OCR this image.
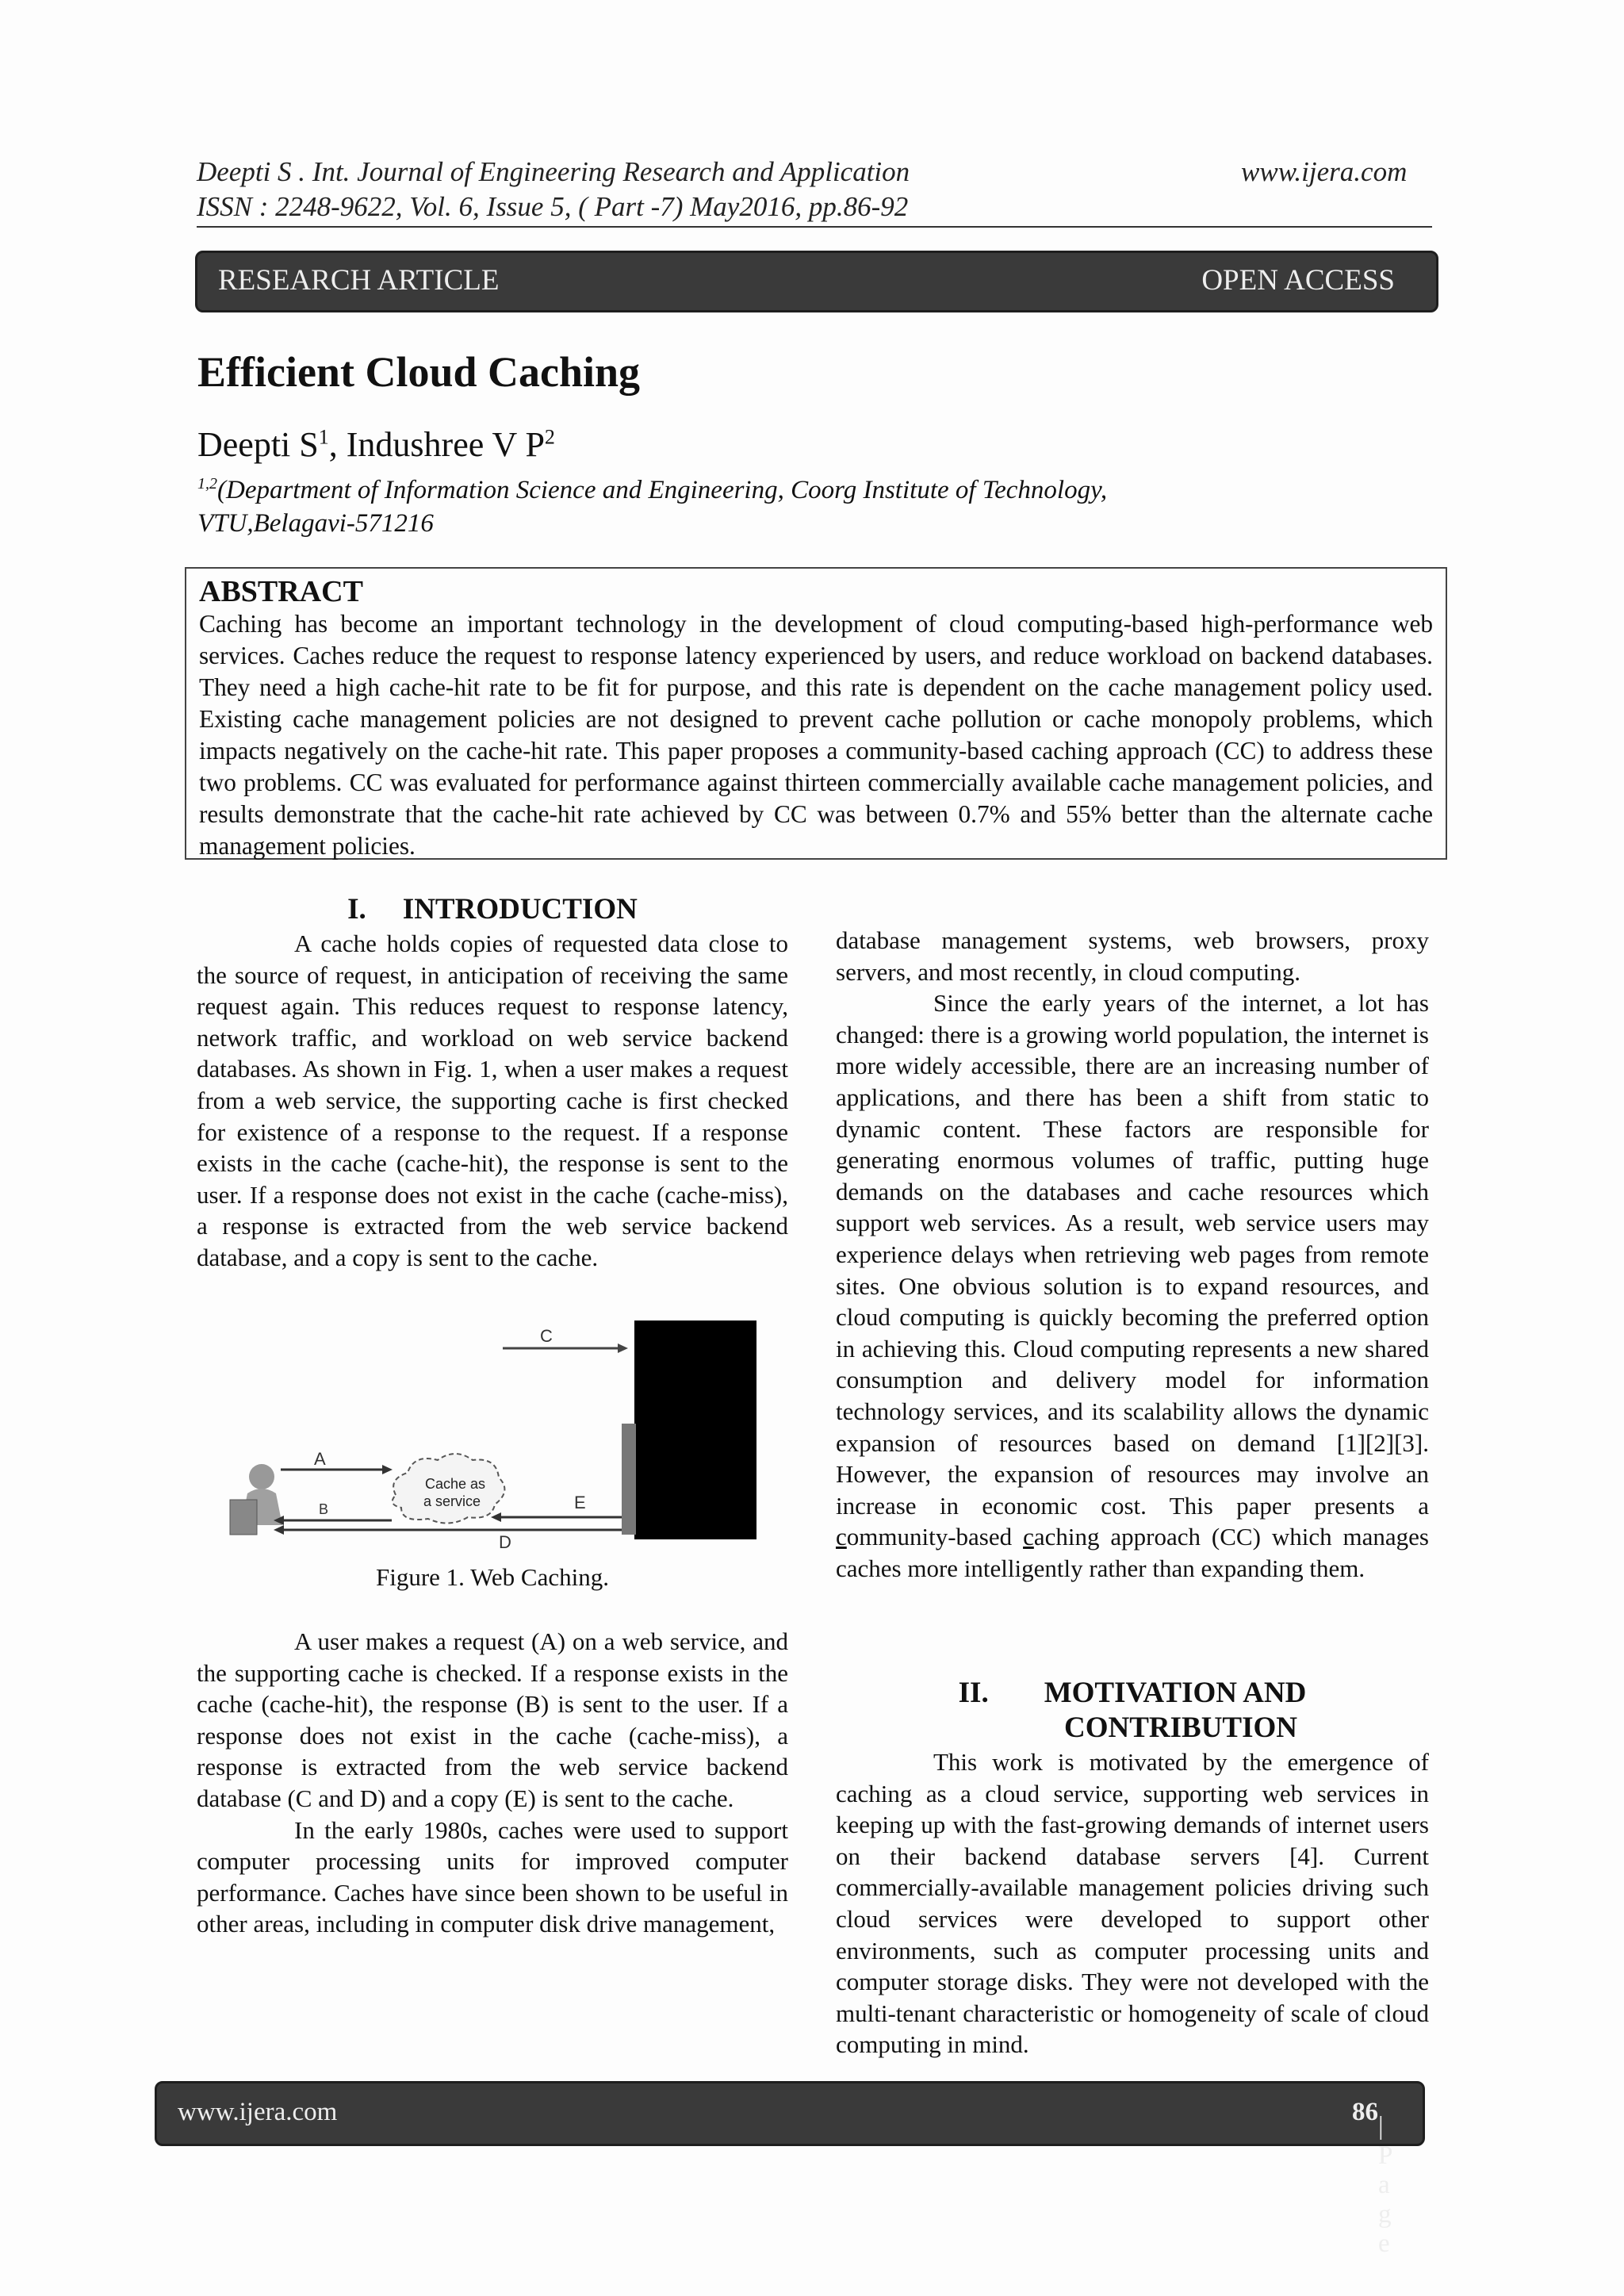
Deepti S . Int. Journal of Engineering Research and Application
ISSN : 2248-9622, Vol. 6, Issue 5, ( Part -7) May2016, pp.86-92
www.ijera.com
RESEARCH ARTICLE	OPEN ACCESS
Efficient Cloud Caching
Deepti $S^1$, Indushree V $P^2$
$^{1,2}$(Department of Information Science and Engineering, Coorg Institute of Technology,
VTU,Belagavi-571216
ABSTRACT
Caching has become an important technology in the development of cloud computing-based high-performance web services. Caches reduce the request to response latency experienced by users, and reduce workload on backend databases. They need a high cache-hit rate to be fit for purpose, and this rate is dependent on the cache management policy used. Existing cache management policies are not designed to prevent cache pollution or cache monopoly problems, which impacts negatively on the cache-hit rate. This paper proposes a community-based caching approach (CC) to address these two problems. CC was evaluated for performance against thirteen commercially available cache management policies, and results demonstrate that the cache-hit rate achieved by CC was between 0.7% and 55% better than the alternate cache management policies.
I. INTRODUCTION

A cache holds copies of requested data close to the source of request, in anticipation of receiving the same request again. This reduces request to response latency, network traffic, and workload on web service backend databases. As shown in Fig. 1, when a user makes a request from a web service, the supporting cache is first checked for existence of a response to the request. If a response exists in the cache (cache-hit), the response is sent to the user. If a response does not exist in the cache (cache-miss), a response is extracted from the web service backend database, and a copy is sent to the cache.

C
A
Cache as
a service
B	E
D
Figure 1. Web Caching.

A user makes a request (A) on a web service, and the supporting cache is checked. If a response exists in the cache (cache-hit), the response (B) is sent to the user. If a response does not exist in the cache (cache-miss), a response is extracted from the web service backend database (C and D) and a copy (E) is sent to the cache.

In the early 1980s, caches were used to support computer processing units for improved computer performance. Caches have since been shown to be useful in other areas, including in computer disk drive management,

database management systems, web browsers, proxy servers, and most recently, in cloud computing.

Since the early years of the internet, a lot has changed: there is a growing world population, the internet is more widely accessible, there are an increasing number of applications, and there has been a shift from static to dynamic content. These factors are responsible for generating enormous volumes of traffic, putting huge demands on the databases and cache resources which support web services. As a result, web service users may experience delays when retrieving web pages from remote sites. One obvious solution is to expand resources, and cloud computing is quickly becoming the preferred option in achieving this. Cloud computing represents a new shared consumption and delivery model for information technology services, and its scalability allows the dynamic expansion of resources based on demand [1][2][3]. However, the expansion of resources may involve an increase in economic cost. This paper presents a community-based caching approach (CC) which manages caches more intelligently rather than expanding them.

II. MOTIVATION AND
CONTRIBUTION

This work is motivated by the emergence of caching as a cloud service, supporting web services in keeping up with the fast-growing demands of internet users on their backend database servers [4]. Current commercially-available management policies driving such cloud services were developed to support other environments, such as computer processing units and computer storage disks. They were not developed with the multi-tenant characteristic or homogeneity of scale of cloud computing in mind.

www.ijera.com	86 | P a g e
